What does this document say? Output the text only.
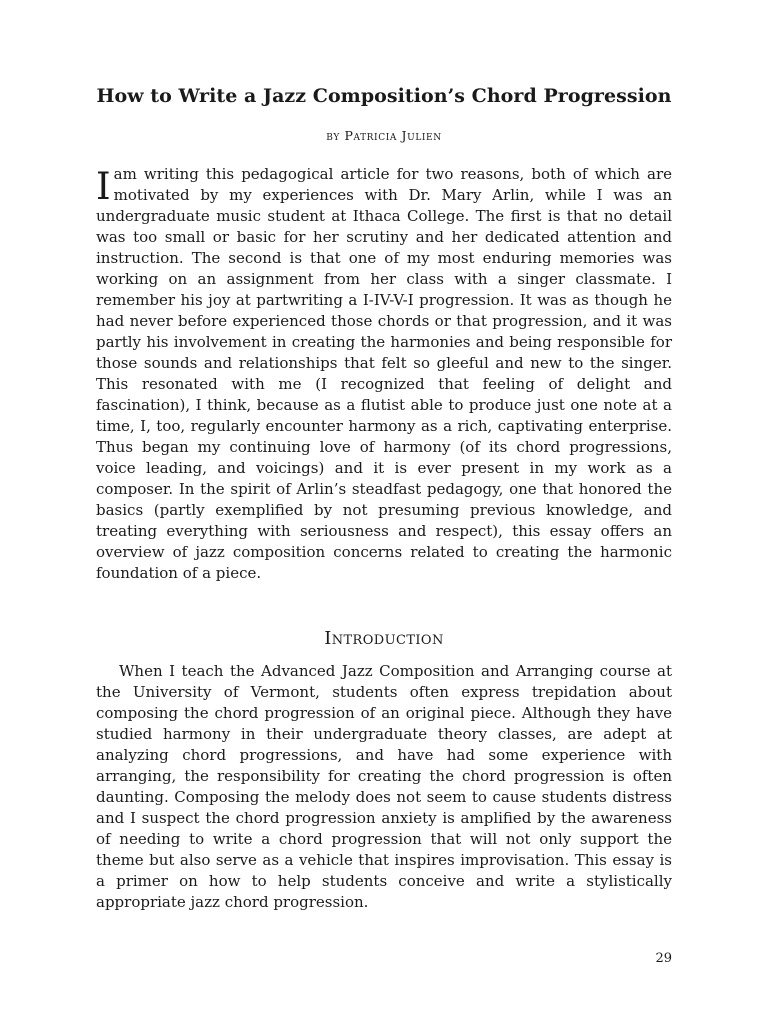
How to Write a Jazz Composition’s Chord Progression

by Patricia Julien

Iam writing this pedagogical article for two reasons, both of which are motivated by my experiences with Dr. Mary Arlin, while I was an undergraduate music student at Ithaca College. The first is that no detail was too small or basic for her scrutiny and her dedicated attention and instruction. The second is that one of my most enduring memories was working on an assignment from her class with a singer classmate. I remember his joy at partwriting a I-IV-V-I progression. It was as though he had never before experienced those chords or that progression, and it was partly his involvement in creating the harmonies and being responsible for those sounds and relationships that felt so gleeful and new to the singer. This resonated with me (I recognized that feeling of delight and fascination), I think, because as a flutist able to produce just one note at a time, I, too, regularly encounter harmony as a rich, captivating enterprise. Thus began my continuing love of harmony (of its chord progressions, voice leading, and voicings) and it is ever present in my work as a composer. In the spirit of Arlin’s steadfast pedagogy, one that honored the basics (partly exemplified by not presuming previous knowledge, and treating everything with seriousness and respect), this essay offers an overview of jazz composition concerns related to creating the harmonic foundation of a piece.

Introduction

When I teach the Advanced Jazz Composition and Arranging course at the University of Vermont, students often express trepidation about composing the chord progression of an original piece. Although they have studied harmony in their undergraduate theory classes, are adept at analyzing chord progressions, and have had some experience with arranging, the responsibility for creating the chord progression is often daunting. Composing the melody does not seem to cause students distress and I suspect the chord progression anxiety is amplified by the awareness of needing to write a chord progression that will not only support the theme but also serve as a vehicle that inspires improvisation. This essay is a primer on how to help students conceive and write a stylistically appropriate jazz chord progression.

29
